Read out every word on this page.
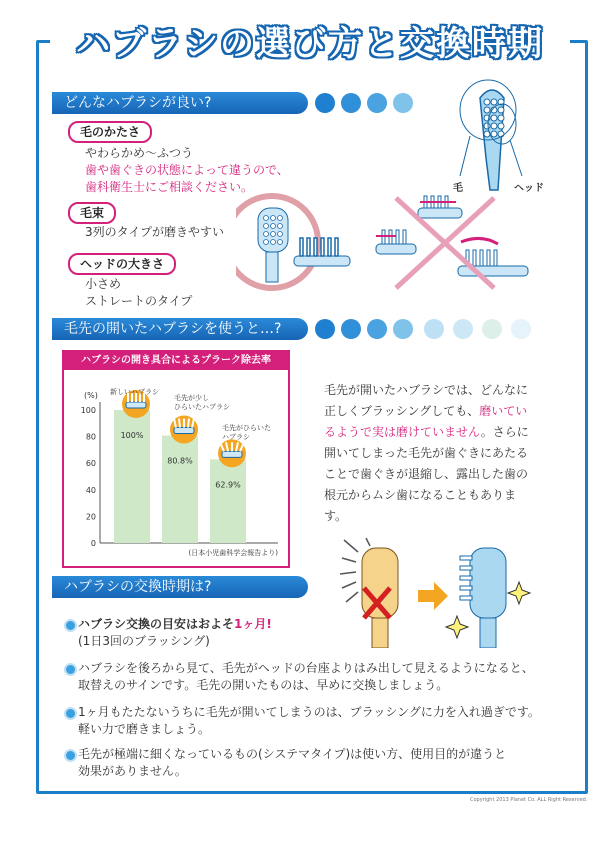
ハブラシの選び方と交換時期
どんなハブラシが良い?
毛のかたさ
やわらかめ～ふつう
歯や歯ぐきの状態によって違うので、
歯科衛生士にご相談ください。
毛束
3列のタイプが磨きやすい
ヘッドの大きさ
小さめ
ストレートのタイプ
毛	ヘッド
毛先の開いたハブラシを使うと…?
ハブラシの開き具合によるプラーク除去率
(%)
100
80
60
40
20
0
100%
80.8%
62.9%
新しいハブラシ
毛先が少し
ひらいたハブラシ
毛先がひらいた
ハブラシ
(日本小児歯科学会報告より)
毛先が開いたハブラシでは、どんなに正しくブラッシングしても、磨いているようで実は磨けていません。さらに開いてしまった毛先が歯ぐきにあたることで歯ぐきが退縮し、露出した歯の根元からムシ歯になることもあります。
ハブラシの交換時期は?
ハブラシ交換の目安はおよそ1ヶ月!
(1日3回のブラッシング)
ハブラシを後ろから見て、毛先がヘッドの台座よりはみ出して見えるようになると、
取替えのサインです。毛先の開いたものは、早めに交換しましょう。
1ヶ月もたたないうちに毛先が開いてしまうのは、ブラッシングに力を入れ過ぎです。
軽い力で磨きましょう。
毛先が極端に細くなっているもの(システマタイプ)は使い方、使用目的が違うと
効果がありません。
Copyright 2013 Planet Co. ALL Right Reserved.
